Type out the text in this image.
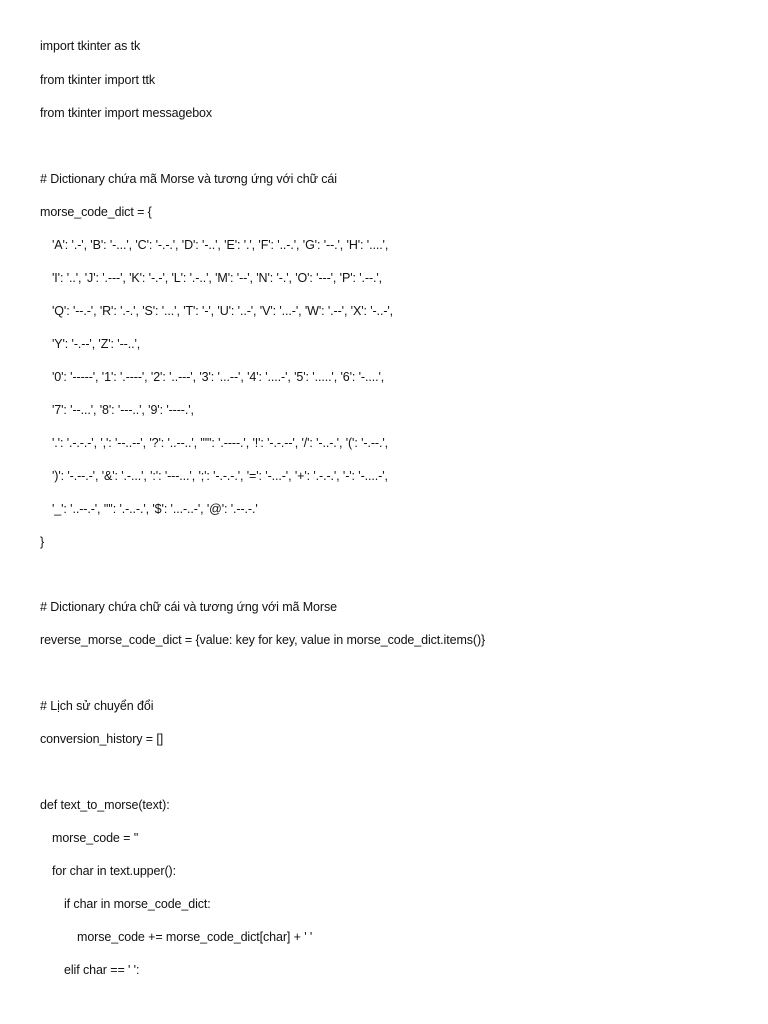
import tkinter as tk
from tkinter import ttk
from tkinter import messagebox
# Dictionary chứa mã Morse và tương ứng với chữ cái
morse_code_dict = {
'A': '.-', 'B': '-...', 'C': '-.-.', 'D': '-..', 'E': '.', 'F': '..-.', 'G': '--.', 'H': '....',
'I': '..', 'J': '.---', 'K': '-.-', 'L': '.-..', 'M': '--', 'N': '-.', 'O': '---', 'P': '.--.',
'Q': '--.-', 'R': '.-.', 'S': '...', 'T': '-', 'U': '..-', 'V': '...-', 'W': '.--', 'X': '-..-',
'Y': '-.--', 'Z': '--..',
'0': '-----', '1': '.----', '2': '..---', '3': '...--', '4': '....-', '5': '.....', '6': '-....',
'7': '--...', '8': '---..', '9': '----.',
'.': '.-.-.-', ',': '--..--', '?': '..--..', "'": '.----.', '!': '-.-.--', '/': '-..-.', '(': '-.--.',
')': '-.--.-', '&': '.-...', ':': '---...', ';': '-.-.-.', '=': '-...-', '+': '.-.-.', '-': '-....-',
'_': '..--.-', '"': '.-..-.', '$': '...-..-', '@': '.--.-.'
}
# Dictionary chứa chữ cái và tương ứng với mã Morse
reverse_morse_code_dict = {value: key for key, value in morse_code_dict.items()}
# Lịch sử chuyển đổi
conversion_history = []
def text_to_morse(text):
morse_code = ''
for char in text.upper():
if char in morse_code_dict:
morse_code += morse_code_dict[char] + ' '
elif char == ' ':
